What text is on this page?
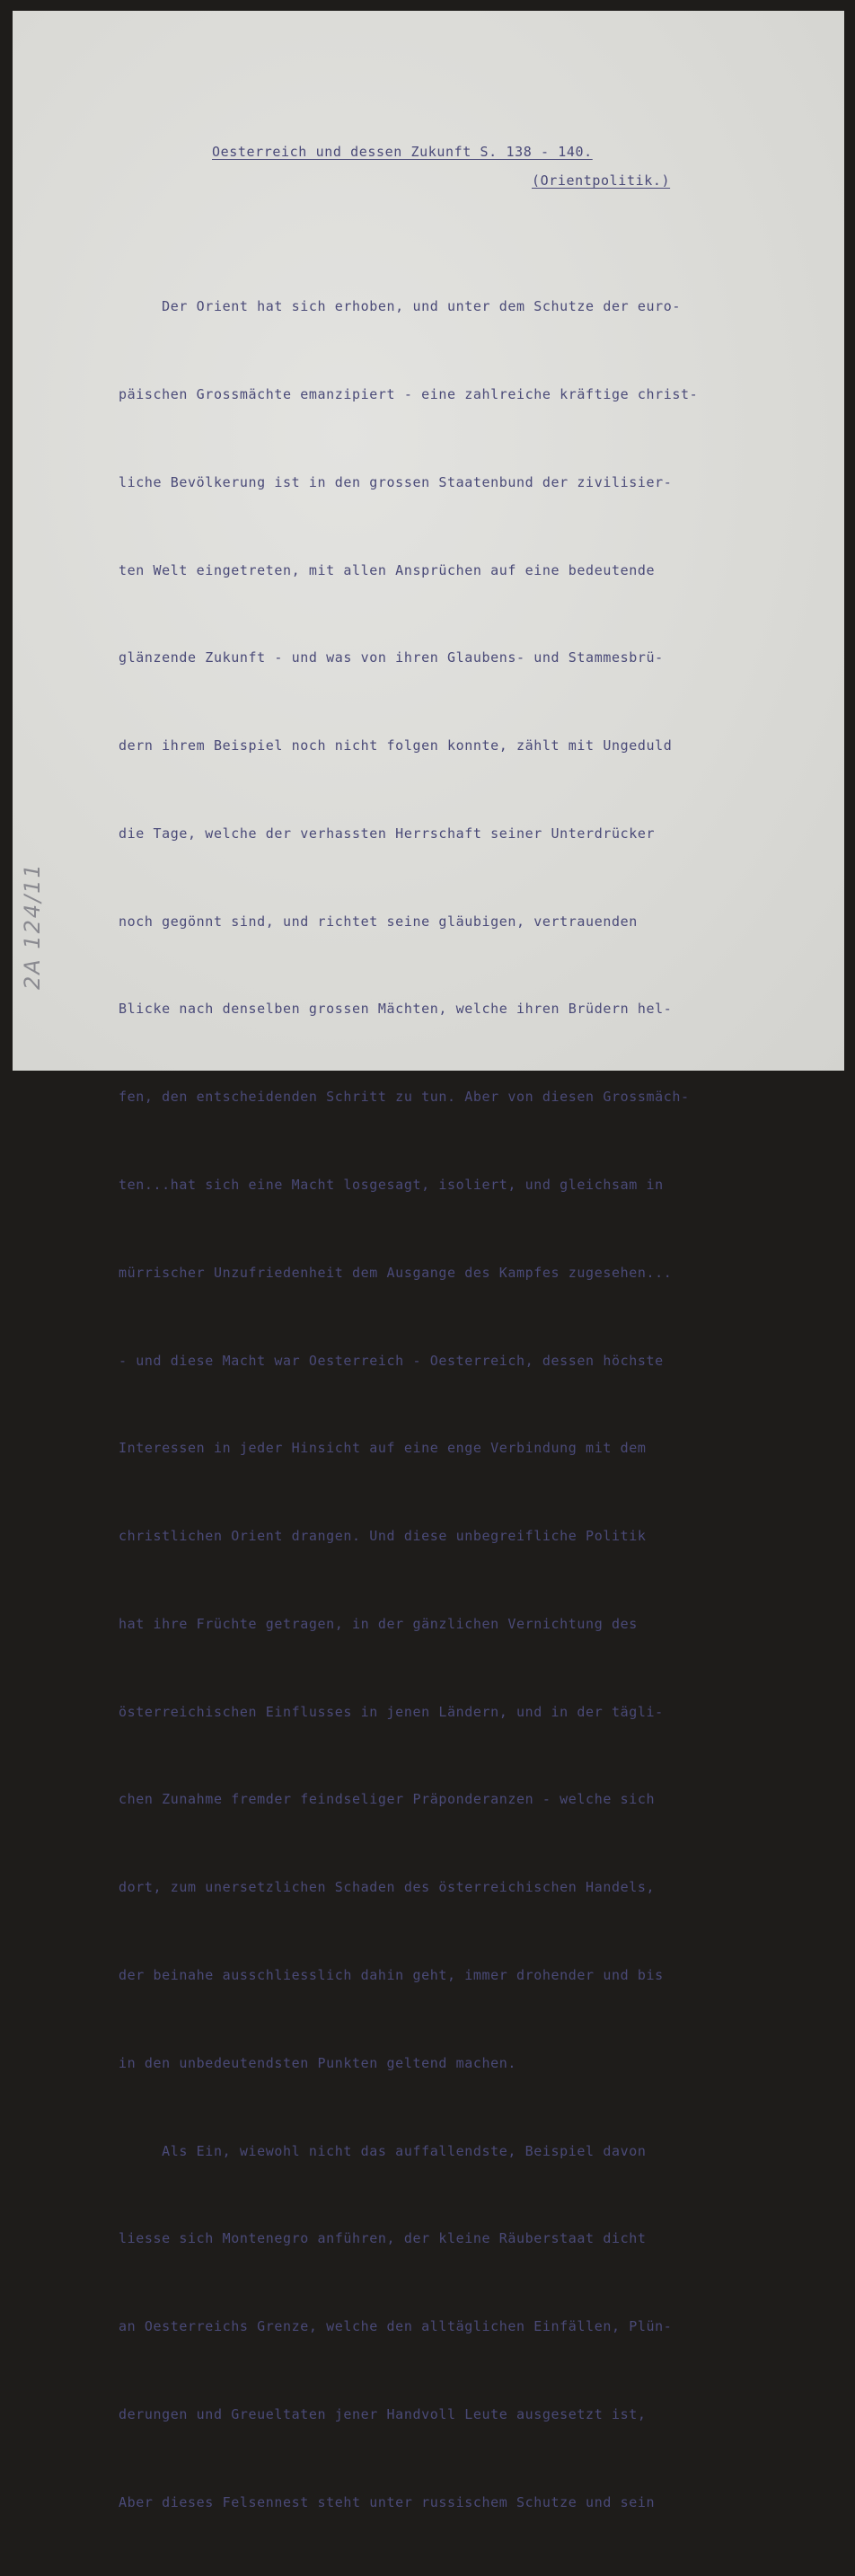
Oesterreich und dessen Zukunft S. 138 - 140.
(Orientpolitik.)

Der Orient hat sich erhoben, und unter dem Schutze der euro-

päischen Grossmächte emanzipiert - eine zahlreiche kräftige christ-

liche Bevölkerung ist in den grossen Staatenbund der zivilisier-

ten Welt eingetreten, mit allen Ansprüchen auf eine bedeutende

glänzende Zukunft - und was von ihren Glaubens- und Stammesbrü-

dern ihrem Beispiel noch nicht folgen konnte, zählt mit Ungeduld

die Tage, welche der verhassten Herrschaft seiner Unterdrücker

noch gegönnt sind, und richtet seine gläubigen, vertrauenden

Blicke nach denselben grossen Mächten, welche ihren Brüdern hel-

fen, den entscheidenden Schritt zu tun. Aber von diesen Grossmäch-

ten...hat sich eine Macht losgesagt, isoliert, und gleichsam in

mürrischer Unzufriedenheit dem Ausgange des Kampfes zugesehen...

- und diese Macht war Oesterreich - Oesterreich, dessen höchste

Interessen in jeder Hinsicht auf eine enge Verbindung mit dem

christlichen Orient drangen. Und diese unbegreifliche Politik

hat ihre Früchte getragen, in der gänzlichen Vernichtung des

österreichischen Einflusses in jenen Ländern, und in der tägli-

chen Zunahme fremder feindseliger Präponderanzen - welche sich

dort, zum unersetzlichen Schaden des österreichischen Handels,

der beinahe ausschliesslich dahin geht, immer drohender und bis

in den unbedeutendsten Punkten geltend machen.

Als Ein, wiewohl nicht das auffallendste, Beispiel davon

liesse sich Montenegro anführen, der kleine Räuberstaat dicht

an Oesterreichs Grenze, welche den alltäglichen Einfällen, Plün-

derungen und Greueltaten jener Handvoll Leute ausgesetzt ist,

Aber dieses Felsennest steht unter russischem Schutze und sein

2A 124/11
